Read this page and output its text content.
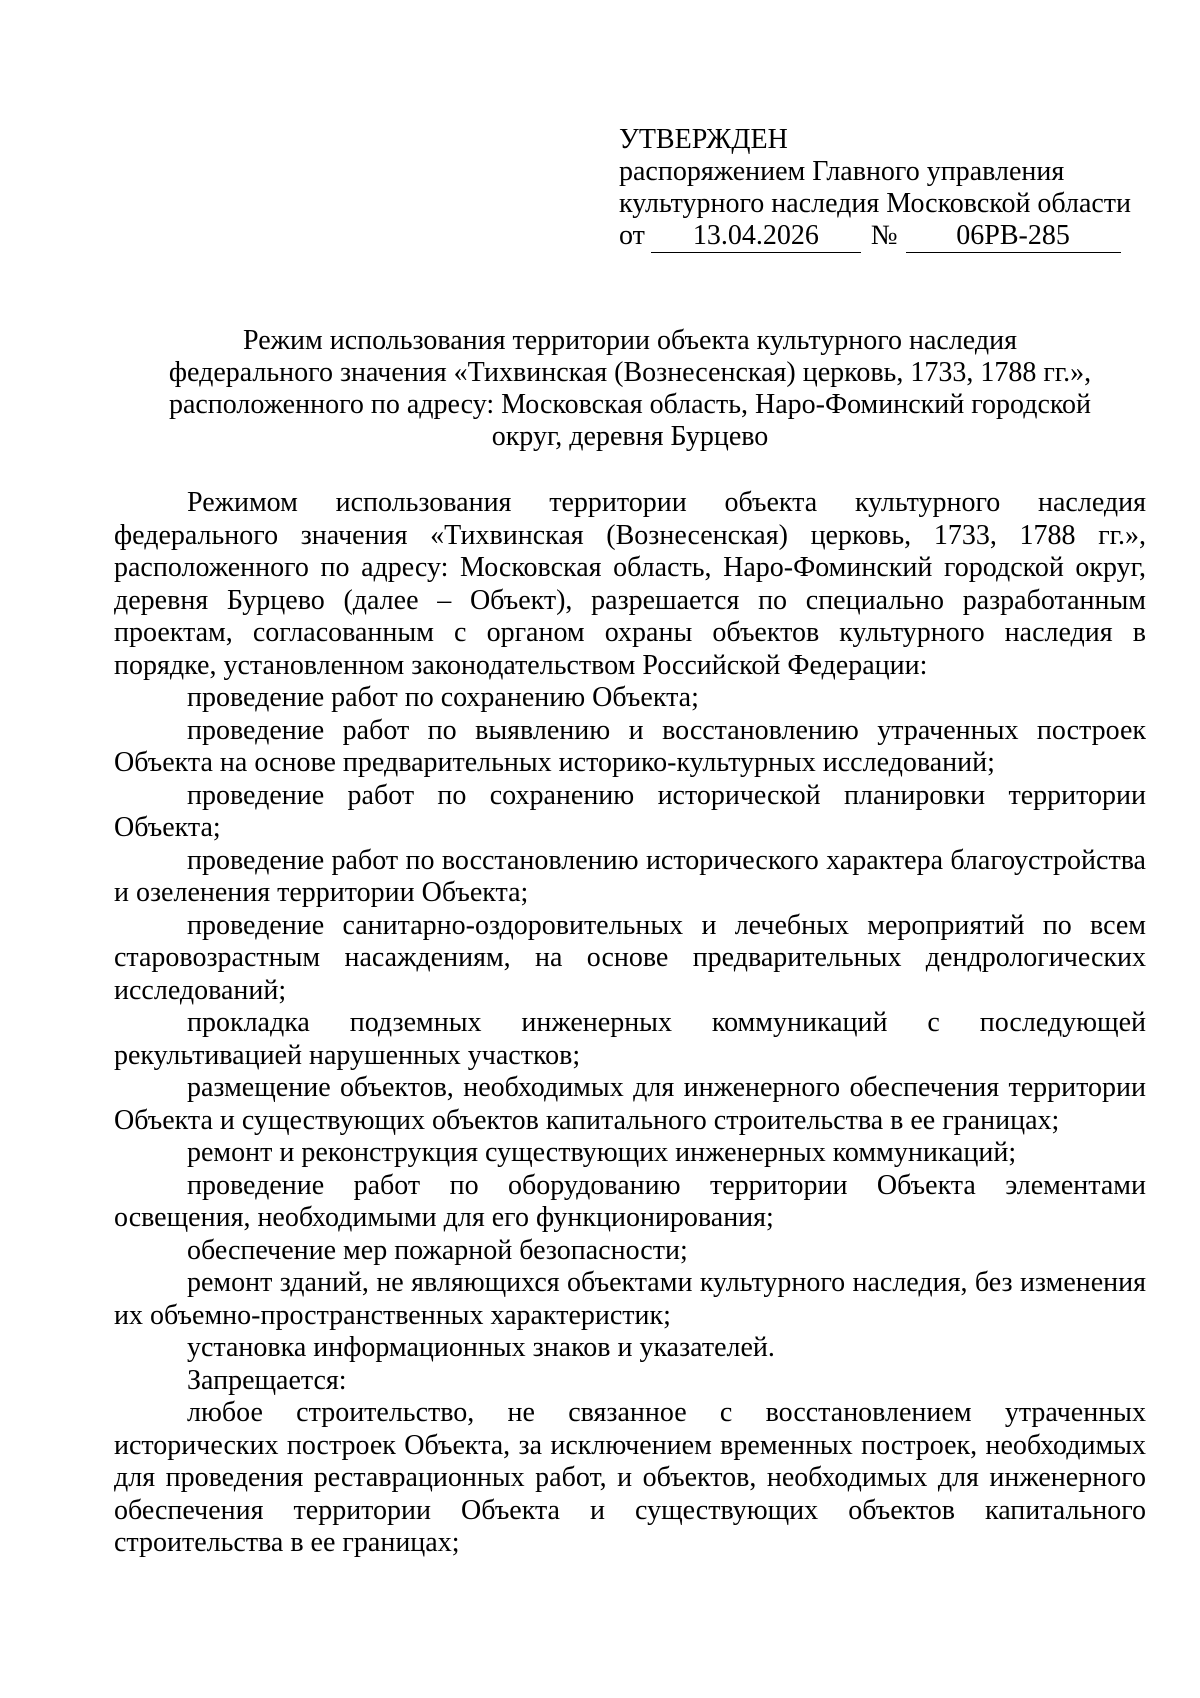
УТВЕРЖДЕН
распоряжением Главного управления
культурного наследия Московской области
от	13.04.2026	№	06РВ-285
Режим использования территории объекта культурного наследия
федерального значения «Тихвинская (Вознесенская) церковь, 1733, 1788 гг.»,
расположенного по адресу: Московская область, Наро-Фоминский городской
округ, деревня Бурцево

Режимом использования территории объекта культурного наследия федерального значения «Тихвинская (Вознесенская) церковь, 1733, 1788 гг.», расположенного по адресу: Московская область, Наро-Фоминский городской округ, деревня Бурцево (далее – Объект), разрешается по специально разработанным проектам, согласованным с органом охраны объектов культурного наследия в порядке, установленном законодательством Российской Федерации:

проведение работ по сохранению Объекта;

проведение работ по выявлению и восстановлению утраченных построек Объекта на основе предварительных историко-культурных исследований;

проведение работ по сохранению исторической планировки территории Объекта;

проведение работ по восстановлению исторического характера благоустройства и озеленения территории Объекта;

проведение санитарно-оздоровительных и лечебных мероприятий по всем старовозрастным насаждениям, на основе предварительных дендрологических исследований;

прокладка подземных инженерных коммуникаций с последующей рекультивацией нарушенных участков;

размещение объектов, необходимых для инженерного обеспечения территории Объекта и существующих объектов капитального строительства в ее границах;

ремонт и реконструкция существующих инженерных коммуникаций;

проведение работ по оборудованию территории Объекта элементами освещения, необходимыми для его функционирования;

обеспечение мер пожарной безопасности;

ремонт зданий, не являющихся объектами культурного наследия, без изменения их объемно-пространственных характеристик;

установка информационных знаков и указателей.

Запрещается:

любое строительство, не связанное с восстановлением утраченных исторических построек Объекта, за исключением временных построек, необходимых для проведения реставрационных работ, и объектов, необходимых для инженерного обеспечения территории Объекта и существующих объектов капитального строительства в ее границах;
